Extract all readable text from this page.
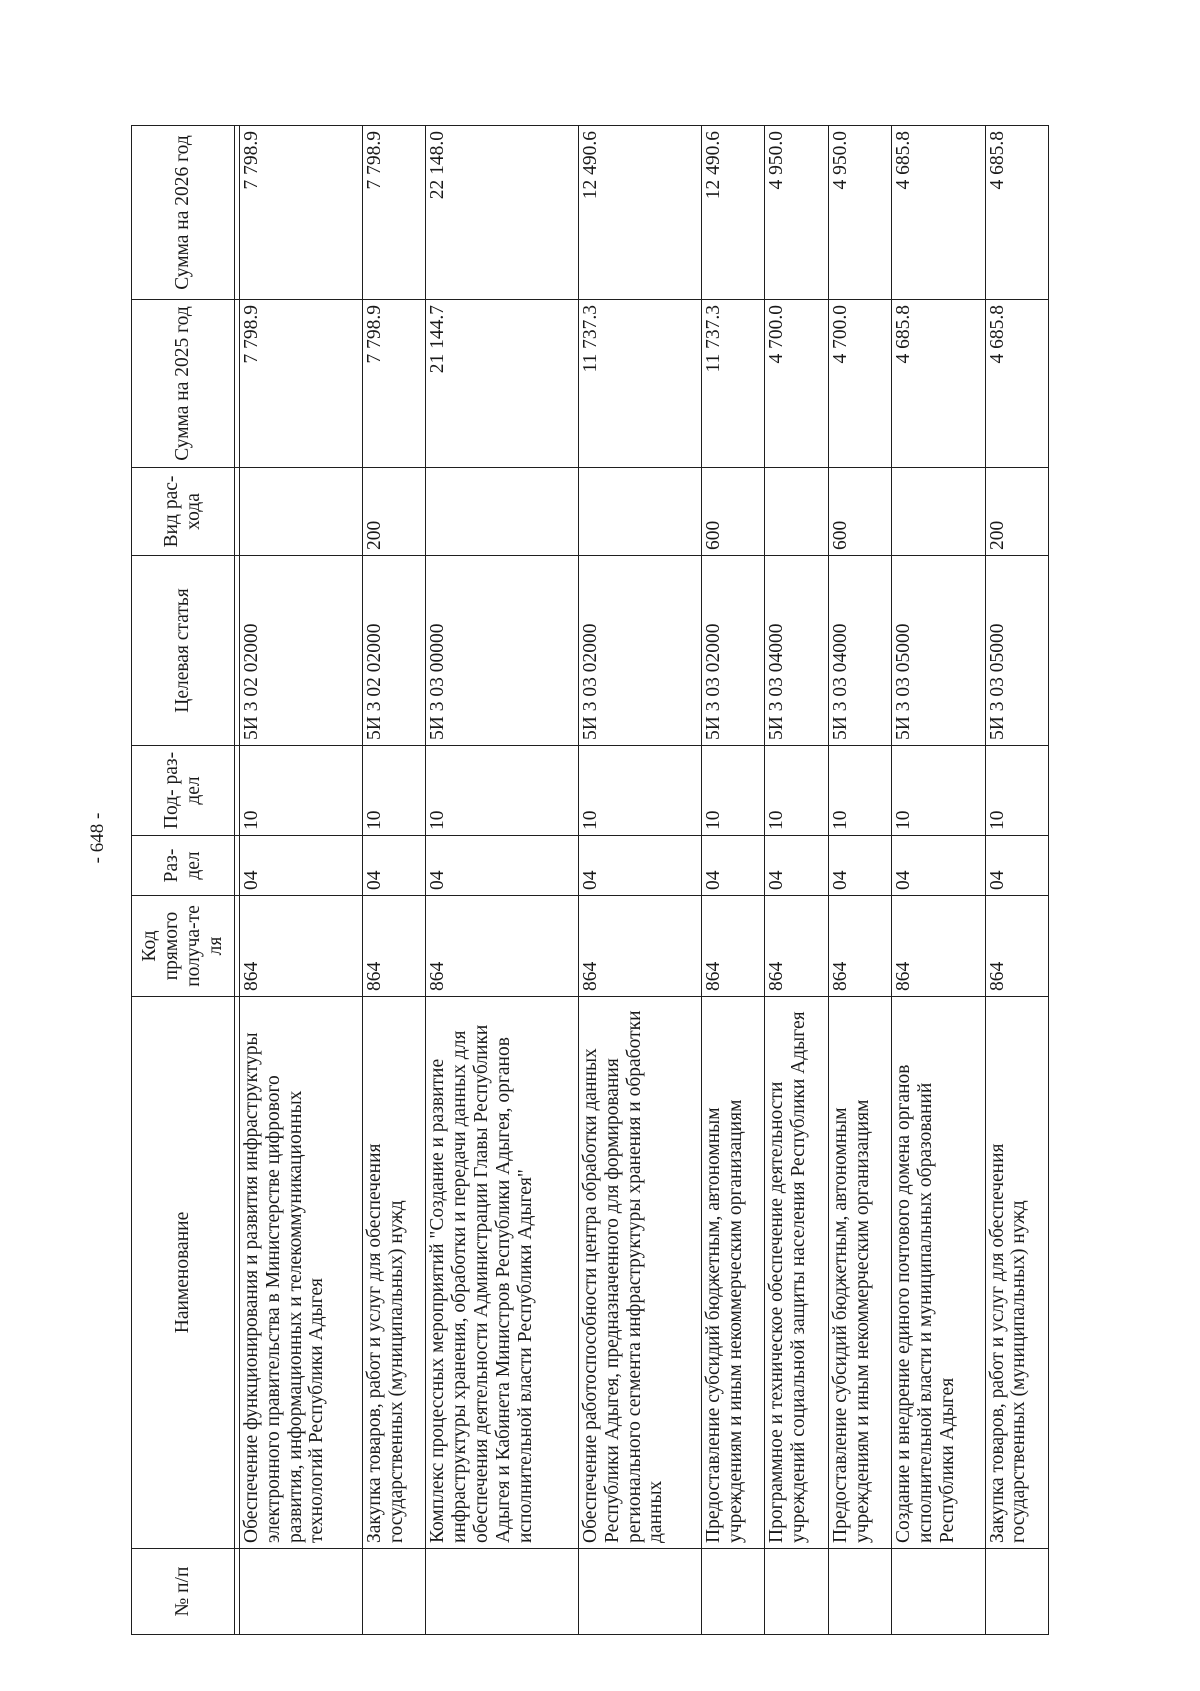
- 648 -
№ п/п	Наименование	Код прямого получа-те ля	Раз- дел	Под- раз- дел	Целевая статья	Вид рас- хода	Сумма на 2025 год	Сумма на 2026 год

	Обеспечение функционирования и развития инфраструктуры электронного правительства в Министерстве цифрового развития, информационных и телекоммуникационных технологий Республики Адыгея	864	04	10	5И 3 02 02000		7 798.9	7 798.9
	Закупка товаров, работ и услуг для обеспечения государственных (муниципальных) нужд	864	04	10	5И 3 02 02000	200	7 798.9	7 798.9
	Комплекс процессных мероприятий "Создание и развитие инфраструктуры хранения, обработки и передачи данных для обеспечения деятельности Администрации Главы Республики Адыгея и Кабинета Министров Республики Адыгея, органов исполнительной власти Республики Адыгея"	864	04	10	5И 3 03 00000		21 144.7	22 148.0
	Обеспечение работоспособности центра обработки данных Республики Адыгея, предназначенного для формирования регионального сегмента инфраструктуры хранения и обработки данных	864	04	10	5И 3 03 02000		11 737.3	12 490.6
	Предоставление субсидий бюджетным, автономным учреждениям и иным некоммерческим организациям	864	04	10	5И 3 03 02000	600	11 737.3	12 490.6
	Программное и техническое обеспечение деятельности учреждений социальной защиты населения Республики Адыгея	864	04	10	5И 3 03 04000		4 700.0	4 950.0
	Предоставление субсидий бюджетным, автономным учреждениям и иным некоммерческим организациям	864	04	10	5И 3 03 04000	600	4 700.0	4 950.0
	Создание и внедрение единого почтового домена органов исполнительной власти и муниципальных образований Республики Адыгея	864	04	10	5И 3 03 05000		4 685.8	4 685.8
	Закупка товаров, работ и услуг для обеспечения государственных (муниципальных) нужд	864	04	10	5И 3 03 05000	200	4 685.8	4 685.8
